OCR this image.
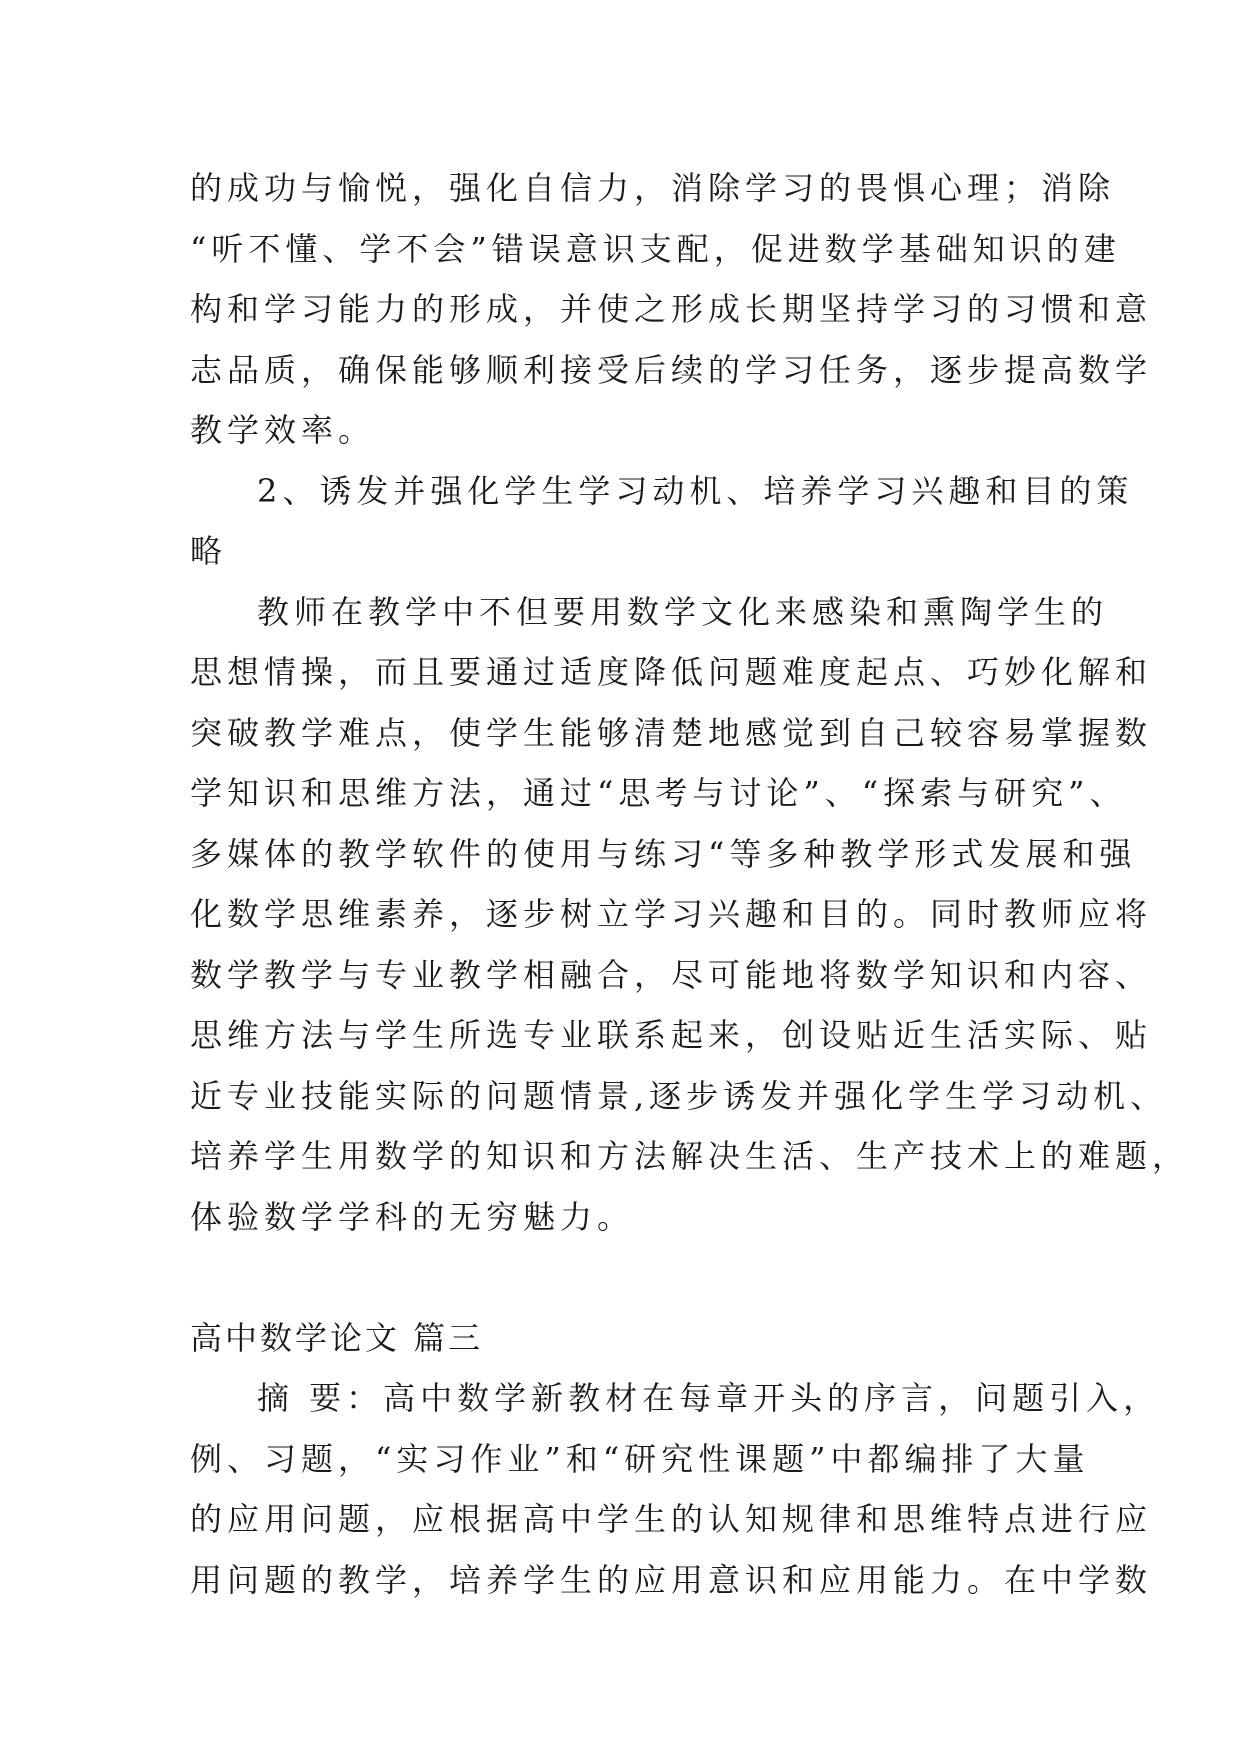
的成功与愉悦，强化自信力，消除学习的畏惧心理；消除
“听不懂、学不会”错误意识支配，促进数学基础知识的建
构和学习能力的形成，并使之形成长期坚持学习的习惯和意
志品质，确保能够顺利接受后续的学习任务，逐步提高数学
教学效率。
2、诱发并强化学生学习动机、培养学习兴趣和目的策
略
教师在教学中不但要用数学文化来感染和熏陶学生的
思想情操，而且要通过适度降低问题难度起点、巧妙化解和
突破教学难点，使学生能够清楚地感觉到自己较容易掌握数
学知识和思维方法，通过“思考与讨论”、“探索与研究”、
多媒体的教学软件的使用与练习“等多种教学形式发展和强
化数学思维素养，逐步树立学习兴趣和目的。同时教师应将
数学教学与专业教学相融合，尽可能地将数学知识和内容、
思维方法与学生所选专业联系起来，创设贴近生活实际、贴
近专业技能实际的问题情景,逐步诱发并强化学生学习动机、
培养学生用数学的知识和方法解决生活、生产技术上的难题，
体验数学学科的无穷魅力。
高中数学论文 篇三
摘 要：高中数学新教材在每章开头的序言，问题引入，
例、习题，“实习作业”和“研究性课题”中都编排了大量
的应用问题，应根据高中学生的认知规律和思维特点进行应
用问题的教学，培养学生的应用意识和应用能力。在中学数
